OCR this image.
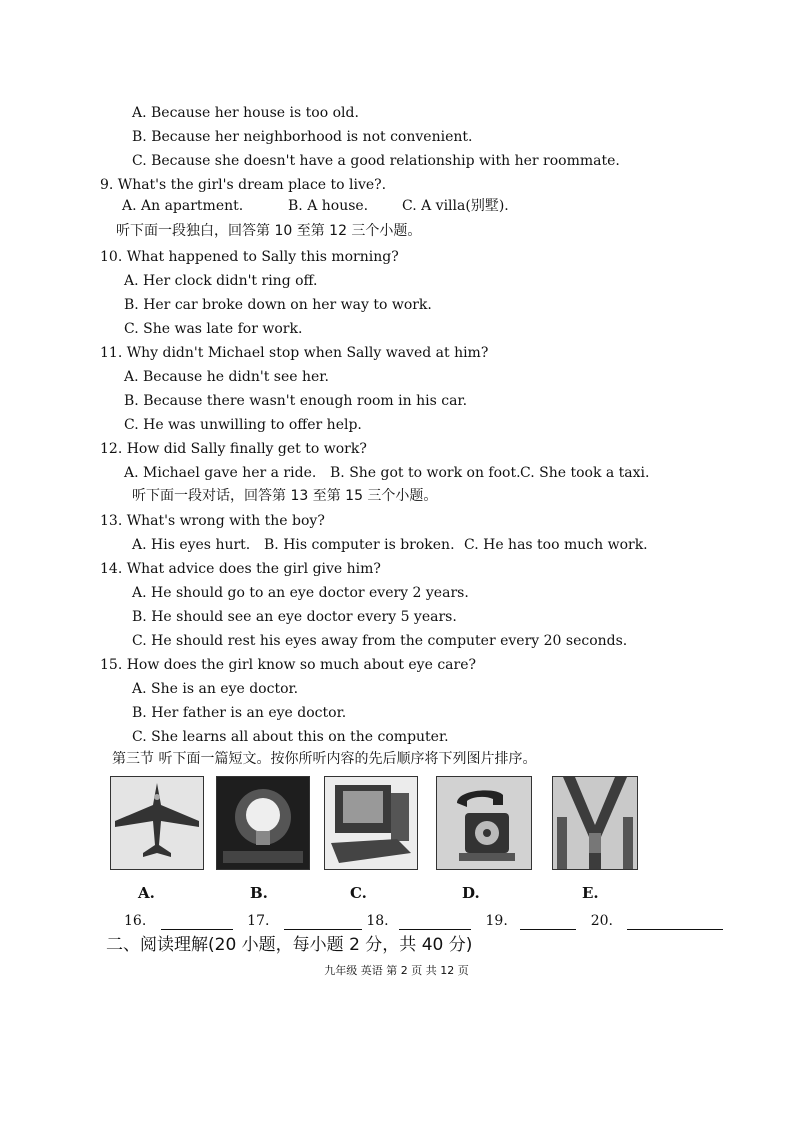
A. Because her house is too old.
B. Because her neighborhood is not convenient.
C. Because she doesn't have a good relationship with her roommate.
9. What's the girl's dream place to live?.
A. An apartment.	B. A house. C. A villa(别墅).
听下面一段独白，回答第 10 至第 12 三个小题。
10. What happened to Sally this morning?
A. Her clock didn't ring off.
B. Her car broke down on her way to work.
C. She was late for work.
11. Why didn't Michael stop when Sally waved at him?
A. Because he didn't see her.
B. Because there wasn't enough room in his car.
C. He was unwilling to offer help.
12. How did Sally finally get to work?
A. Michael gave her a ride. B. She got to work on foot.C. She took a taxi.
听下面一段对话，回答第 13 至第 15 三个小题。
13. What's wrong with the boy?
A. His eyes hurt. B. His computer is broken. C. He has too much work.
14. What advice does the girl give him?
A. He should go to an eye doctor every 2 years.
B. He should see an eye doctor every 5 years.
C. He should rest his eyes away from the computer every 20 seconds.
15. How does the girl know so much about eye care?
A. She is an eye doctor.
B. Her father is an eye doctor.
C. She learns all about this on the computer.
第三节 听下面一篇短文。按你所听内容的先后顺序将下列图片排序。
A.	B.	C.	D.	E.
16.	17.	18.	19.	20.
二、阅读理解(20 小题，每小题 2 分，共 40 分)
九年级 英语 第 2 页 共 12 页
